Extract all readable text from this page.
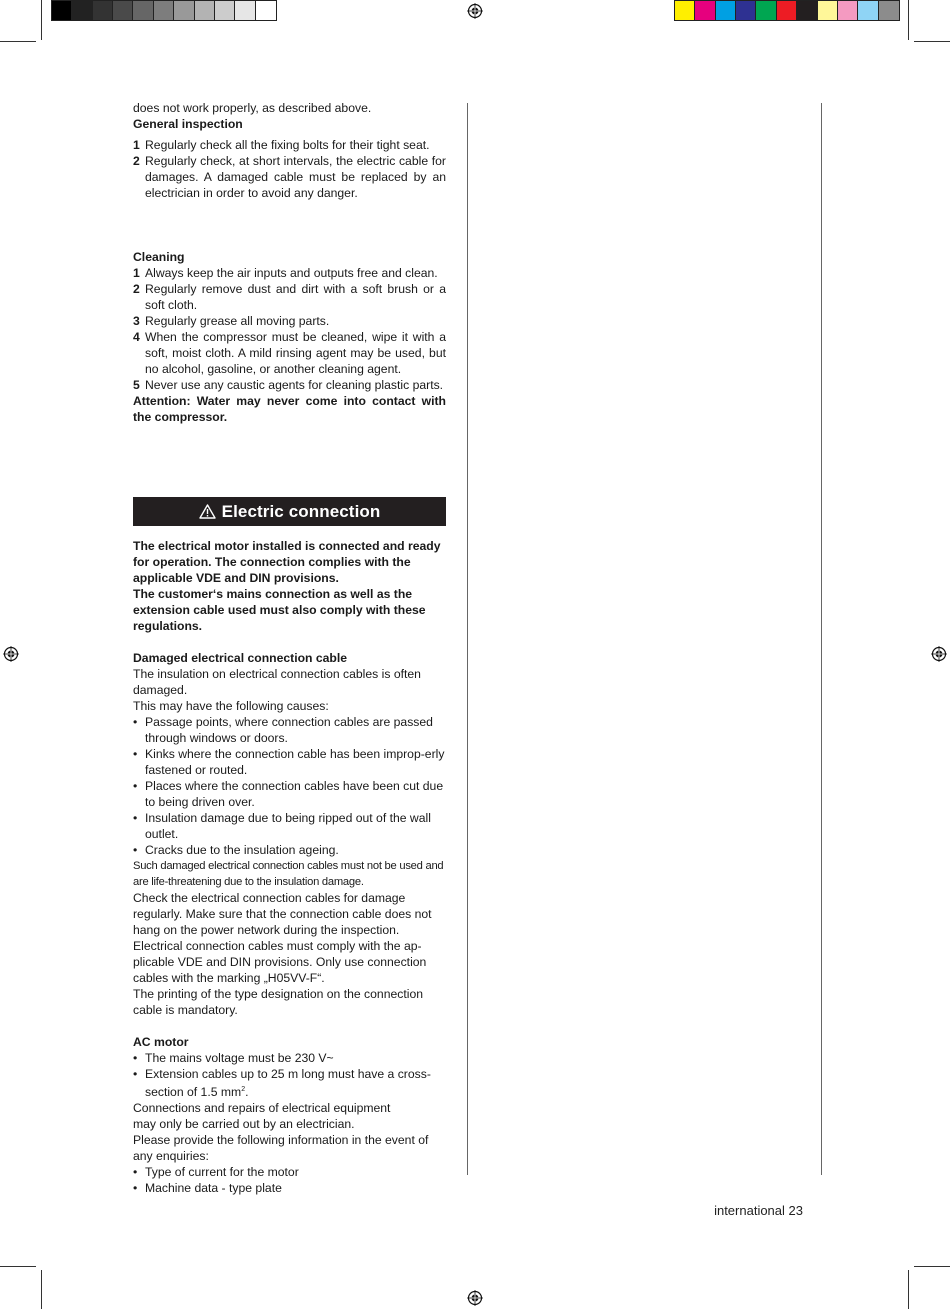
does not work properly, as described above.

General inspection
1 Regularly check all the fixing bolts for their tight seat.
2 Regularly check, at short intervals, the electric cable for damages. A damaged cable must be replaced by an electrician in order to avoid any danger.
Cleaning
1 Always keep the air inputs and outputs free and clean.
2 Regularly remove dust and dirt with a soft brush or a soft cloth.
3 Regularly grease all moving parts.
4 When the compressor must be cleaned, wipe it with a soft, moist cloth. A mild rinsing agent may be used, but no alcohol, gasoline, or another cleaning agent.
5 Never use any caustic agents for cleaning plastic parts.

Attention: Water may never come into contact with the compressor.

Electric connection

The electrical motor installed is connected and ready for operation. The connection complies with the applicable VDE and DIN provisions.

The customer‘s mains connection as well as the extension cable used must also comply with these regulations.

Damaged electrical connection cable

The insulation on electrical connection cables is often damaged.

This may have the following causes:

• Passage points, where connection cables are passed through windows or doors.
• Kinks where the connection cable has been improp-erly fastened or routed.
• Places where the connection cables have been cut due to being driven over.
• Insulation damage due to being ripped out of the wall outlet.
• Cracks due to the insulation ageing.

Such damaged electrical connection cables must not be used and are life-threatening due to the insulation damage.

Check the electrical connection cables for damage regularly. Make sure that the connection cable does not hang on the power network during the inspection.

Electrical connection cables must comply with the ap-plicable VDE and DIN provisions. Only use connection cables with the marking „H05VV-F“.

The printing of the type designation on the connection cable is mandatory.

AC motor
• The mains voltage must be 230 V~
• Extension cables up to 25 m long must have a cross-section of 1.5 $mm^2$.

Connections and repairs of electrical equipment may only be carried out by an electrician.

Please provide the following information in the event of any enquiries:

• Type of current for the motor
• Machine data - type plate
international 23
